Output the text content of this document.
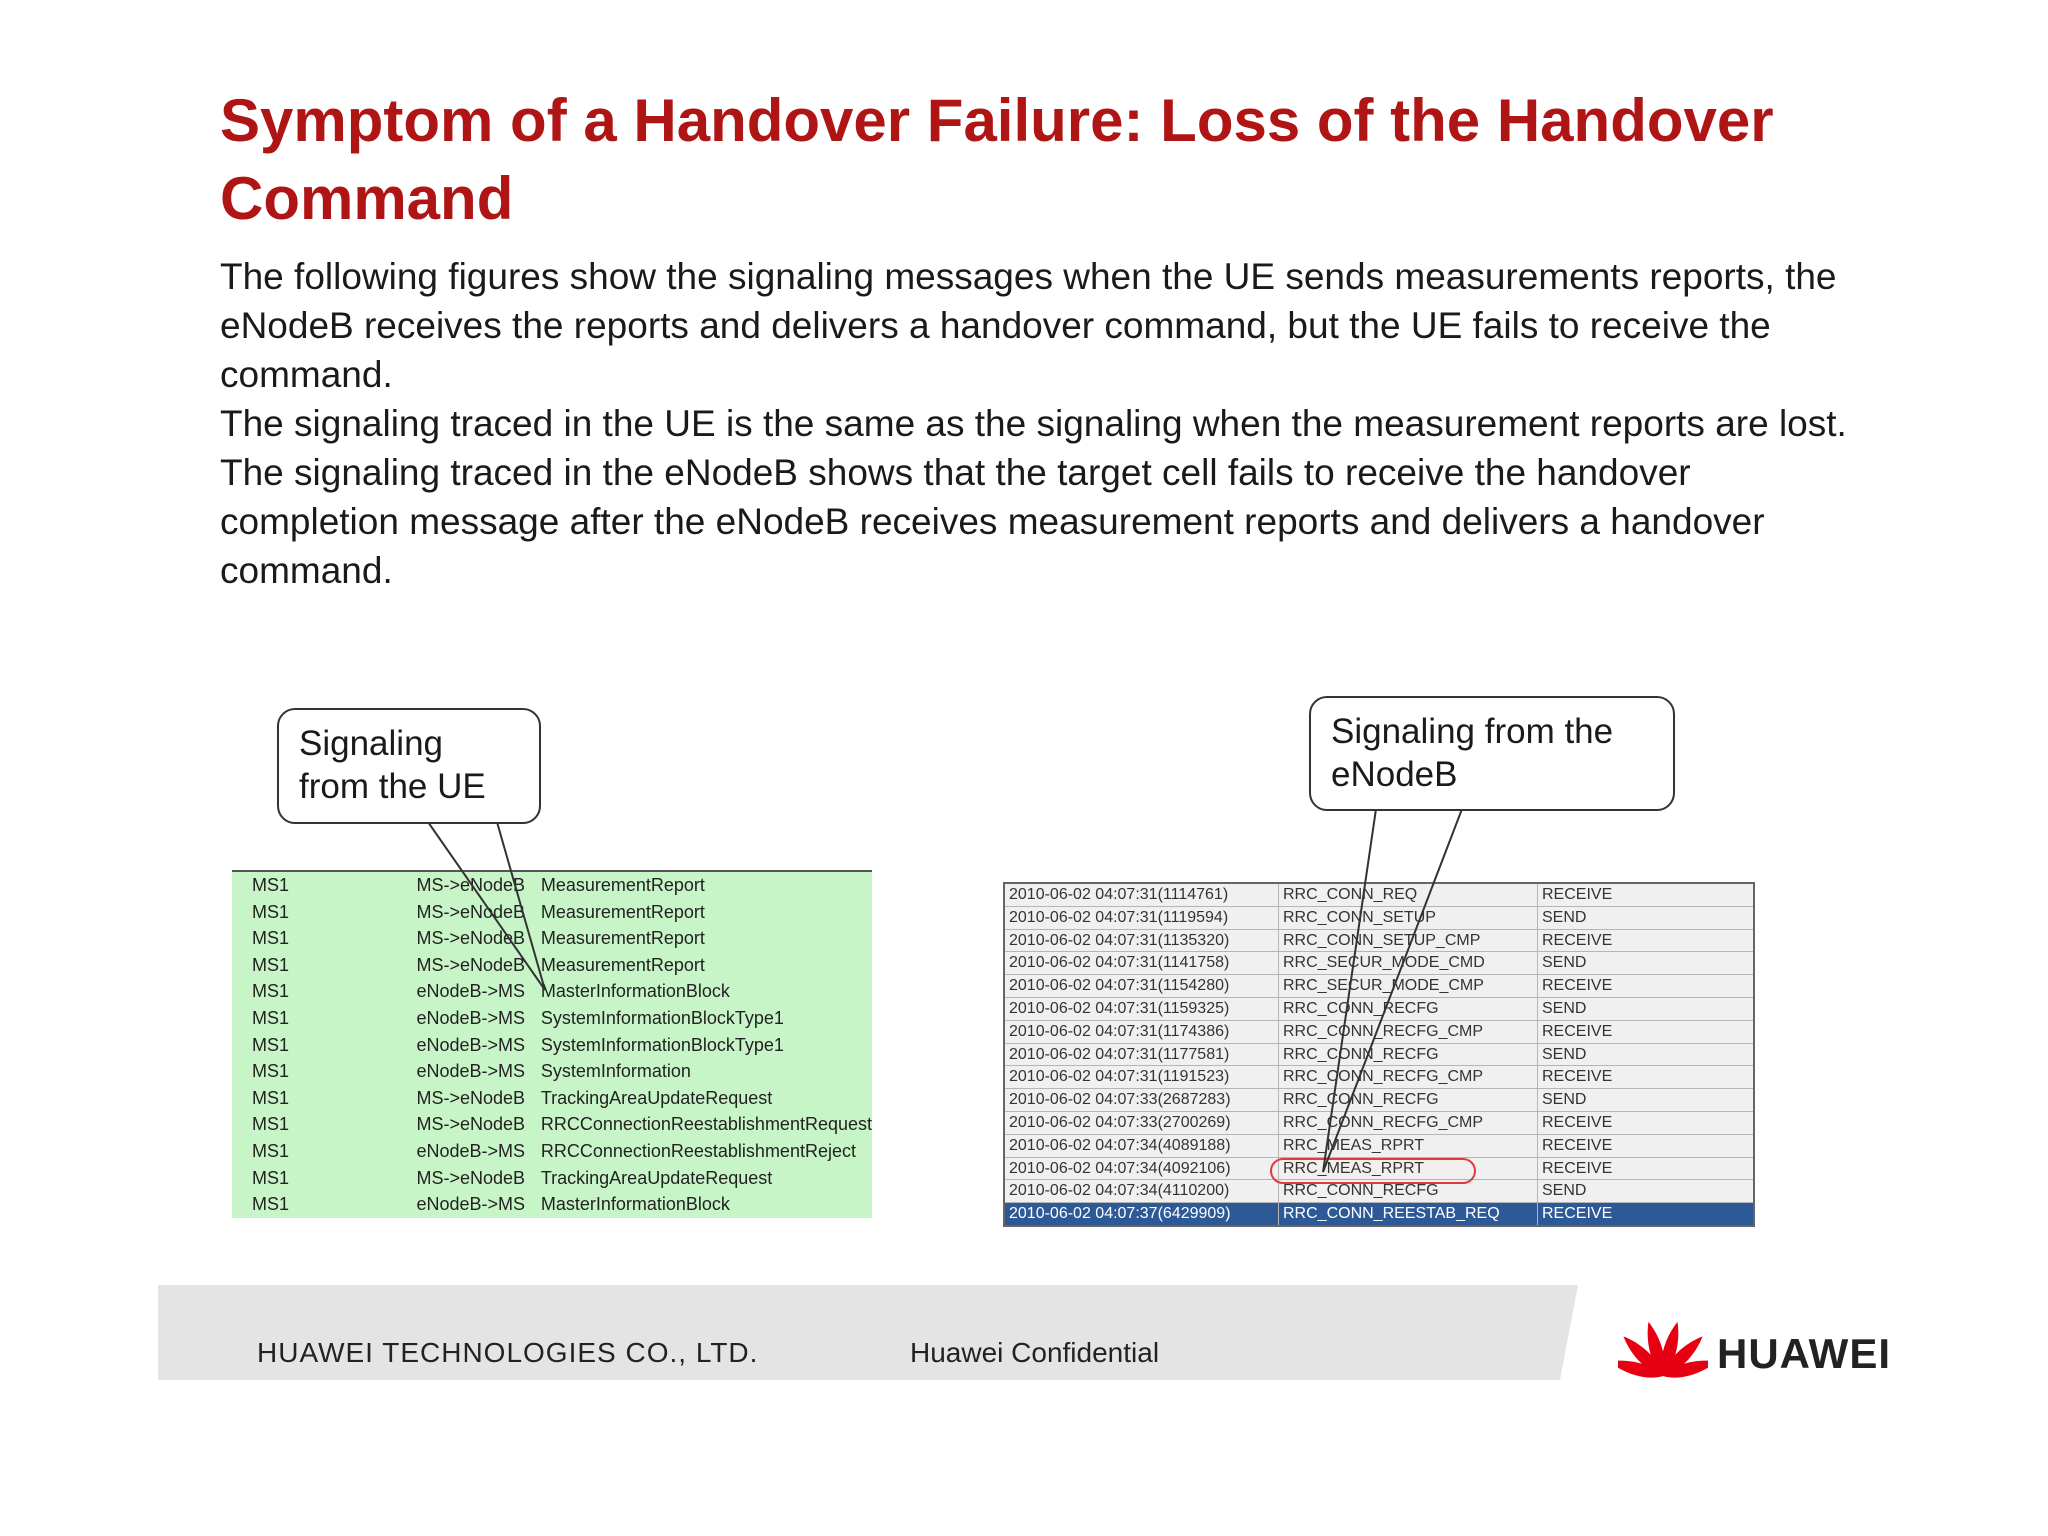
Symptom of a Handover Failure: Loss of the Handover Command

The following figures show the signaling messages when the UE sends measurements reports, the eNodeB receives the reports and delivers a handover command, but the UE fails to receive the command.

The signaling traced in the UE is the same as the signaling when the measurement reports are lost. The signaling traced in the eNodeB shows that the target cell fails to receive the handover completion message after the eNodeB receives measurement reports and delivers a handover command.

MS1	MS->eNodeB	MeasurementReport
MS1	MS->eNodeB	MeasurementReport
MS1	MS->eNodeB	MeasurementReport
MS1	MS->eNodeB	MeasurementReport
MS1	eNodeB->MS	MasterInformationBlock
MS1	eNodeB->MS	SystemInformationBlockType1
MS1	eNodeB->MS	SystemInformationBlockType1
MS1	eNodeB->MS	SystemInformation
MS1	MS->eNodeB	TrackingAreaUpdateRequest
MS1	MS->eNodeB	RRCConnectionReestablishmentRequest
MS1	eNodeB->MS	RRCConnectionReestablishmentReject
MS1	MS->eNodeB	TrackingAreaUpdateRequest
MS1	eNodeB->MS	MasterInformationBlock
2010-06-02 04:07:31(1114761)	RRC_CONN_REQ	RECEIVE
2010-06-02 04:07:31(1119594)	RRC_CONN_SETUP	SEND
2010-06-02 04:07:31(1135320)	RRC_CONN_SETUP_CMP	RECEIVE
2010-06-02 04:07:31(1141758)	RRC_SECUR_MODE_CMD	SEND
2010-06-02 04:07:31(1154280)	RRC_SECUR_MODE_CMP	RECEIVE
2010-06-02 04:07:31(1159325)	RRC_CONN_RECFG	SEND
2010-06-02 04:07:31(1174386)	RRC_CONN_RECFG_CMP	RECEIVE
2010-06-02 04:07:31(1177581)	RRC_CONN_RECFG	SEND
2010-06-02 04:07:31(1191523)	RRC_CONN_RECFG_CMP	RECEIVE
2010-06-02 04:07:33(2687283)	RRC_CONN_RECFG	SEND
2010-06-02 04:07:33(2700269)	RRC_CONN_RECFG_CMP	RECEIVE
2010-06-02 04:07:34(4089188)	RRC_MEAS_RPRT	RECEIVE
2010-06-02 04:07:34(4092106)	RRC_MEAS_RPRT	RECEIVE
2010-06-02 04:07:34(4110200)	RRC_CONN_RECFG	SEND
2010-06-02 04:07:37(6429909)	RRC_CONN_REESTAB_REQ	RECEIVE
Signaling from the UE
Signaling from the eNodeB
HUAWEI TECHNOLOGIES CO., LTD.	Huawei Confidential	HUAWEI
